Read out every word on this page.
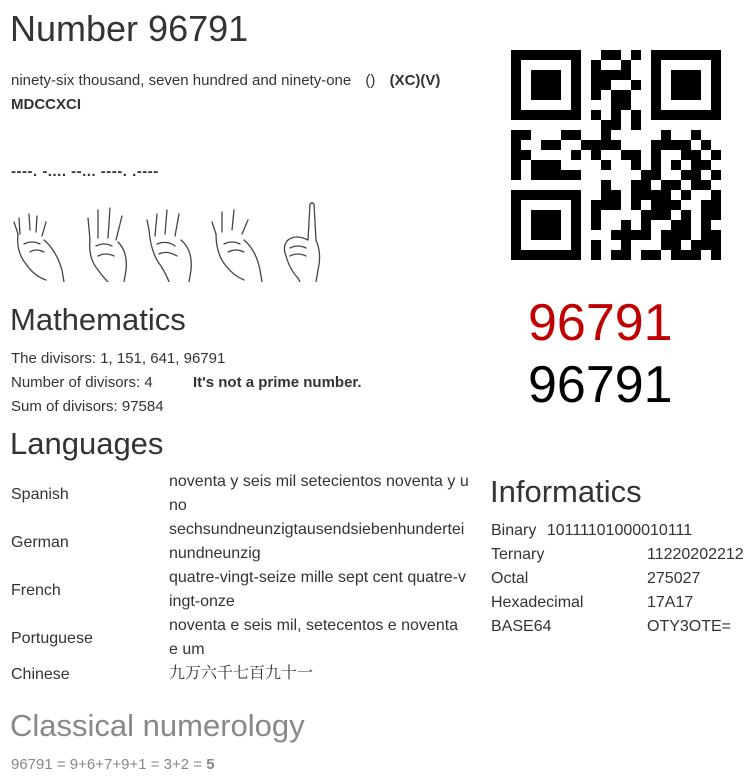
Number 96791
ninety-six thousand, seven hundred and ninety-one () (XC)(V)
MDCCXCI
----. -.... --... ----. .----
96791
96791
Mathematics
The divisors: 1, 151, 641, 96791
Number of divisors: 4	It's not a prime number.
Sum of divisors: 97584
Languages
Spanish
noventa y seis mil setecientos noventa y uno
German
sechsundneunzigtausendsiebenhunderteinundneunzig
French
quatre-vingt-seize mille sept cent quatre-vingt-onze
Portuguese
noventa e seis mil, setecentos e noventa e um
Chinese	九万六千七百九十一
Informatics
Binary 10111101000010111
Ternary	11220202212
Octal	275027
Hexadecimal	17A17
BASE64	OTY3OTE=
Classical numerology
96791 = 9+6+7+9+1 = 3+2 = 5
